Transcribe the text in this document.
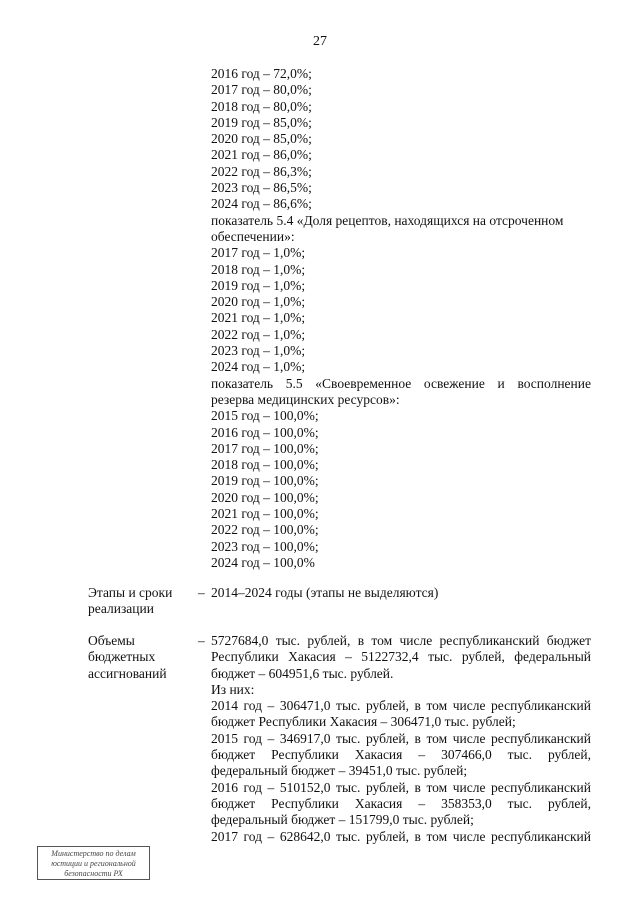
27
2016 год – 72,0%;
2017 год – 80,0%;
2018 год – 80,0%;
2019 год – 85,0%;
2020 год – 85,0%;
2021 год – 86,0%;
2022 год – 86,3%;
2023 год – 86,5%;
2024 год – 86,6%;
показатель 5.4 «Доля рецептов, находящихся на отсроченном
обеспечении»:
2017 год – 1,0%;
2018 год – 1,0%;
2019 год – 1,0%;
2020 год – 1,0%;
2021 год – 1,0%;
2022 год – 1,0%;
2023 год – 1,0%;
2024 год – 1,0%;
показатель 5.5 «Своевременное освежение и восполнение
резерва медицинских ресурсов»:
2015 год – 100,0%;
2016 год – 100,0%;
2017 год – 100,0%;
2018 год – 100,0%;
2019 год – 100,0%;
2020 год – 100,0%;
2021 год – 100,0%;
2022 год – 100,0%;
2023 год – 100,0%;
2024 год – 100,0%
Этапы и сроки
реализации
– 2014–2024 годы (этапы не выделяются)
Объемы
бюджетных
ассигнований
– 5727684,0 тыс. рублей, в том числе республиканский бюджет
Республики Хакасия – 5122732,4 тыс. рублей, федеральный
бюджет – 604951,6 тыс. рублей.
Из них:
2014 год – 306471,0 тыс. рублей, в том числе республиканский
бюджет Республики Хакасия – 306471,0 тыс. рублей;
2015 год – 346917,0 тыс. рублей, в том числе республиканский
бюджет Республики Хакасия – 307466,0 тыс. рублей,
федеральный бюджет – 39451,0 тыс. рублей;
2016 год – 510152,0 тыс. рублей, в том числе республиканский
бюджет Республики Хакасия – 358353,0 тыс. рублей,
федеральный бюджет – 151799,0 тыс. рублей;
2017 год – 628642,0 тыс. рублей, в том числе республиканский
Министерство по делам
юстиции и региональной
безопасности РХ
